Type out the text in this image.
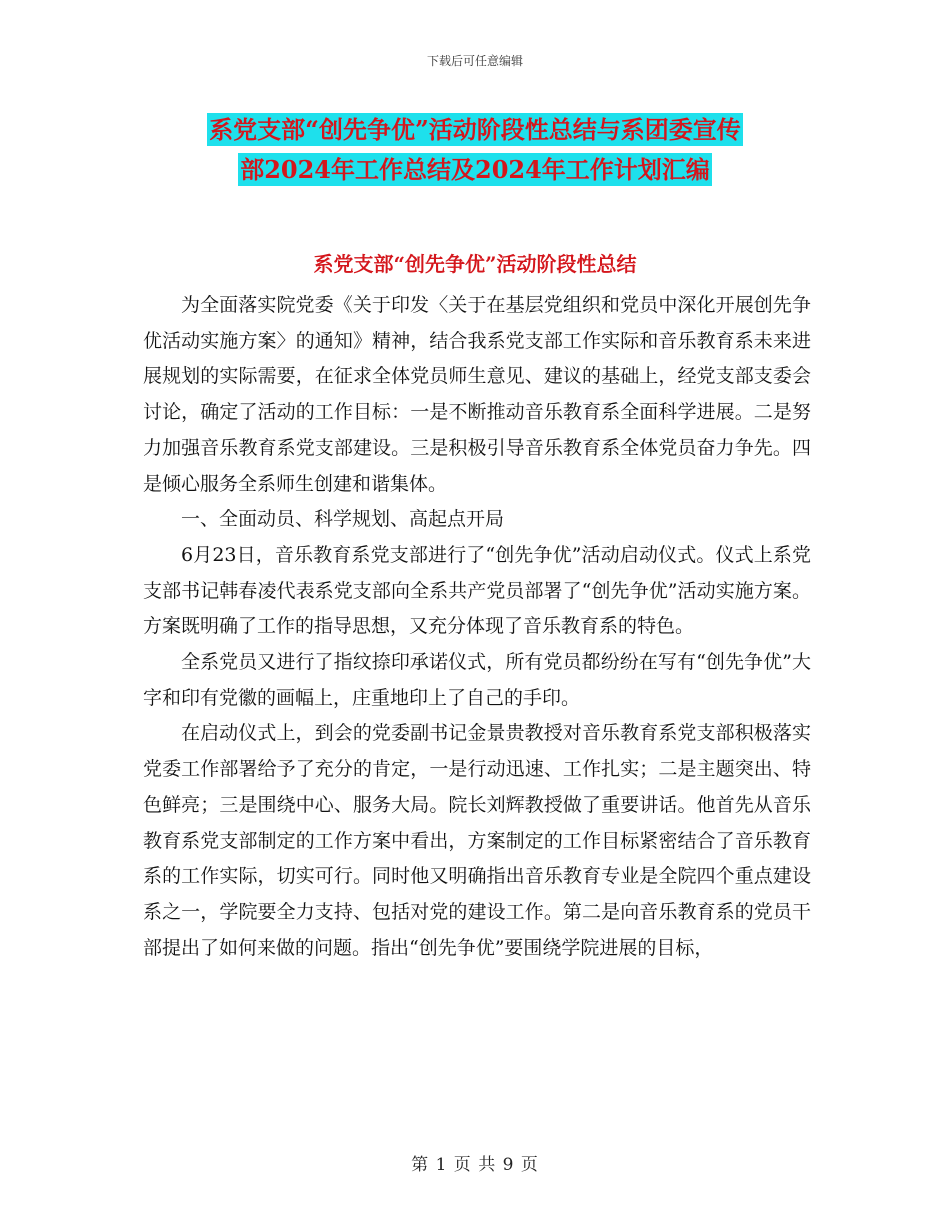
下载后可任意编辑
系党支部“创先争优”活动阶段性总结与系团委宣传
部2024年工作总结及2024年工作计划汇编
系党支部“创先争优”活动阶段性总结

为全面落实院党委《关于印发〈关于在基层党组织和党员中深化开展创先争优活动实施方案〉的通知》精神，结合我系党支部工作实际和音乐教育系未来进展规划的实际需要，在征求全体党员师生意见、建议的基础上，经党支部支委会讨论，确定了活动的工作目标：一是不断推动音乐教育系全面科学进展。二是努力加强音乐教育系党支部建设。三是积极引导音乐教育系全体党员奋力争先。四是倾心服务全系师生创建和谐集体。

一、全面动员、科学规划、高起点开局

6月23日，音乐教育系党支部进行了“创先争优”活动启动仪式。仪式上系党支部书记韩春凌代表系党支部向全系共产党员部署了“创先争优”活动实施方案。方案既明确了工作的指导思想，又充分体现了音乐教育系的特色。

全系党员又进行了指纹捺印承诺仪式，所有党员都纷纷在写有“创先争优”大字和印有党徽的画幅上，庄重地印上了自己的手印。

在启动仪式上，到会的党委副书记金景贵教授对音乐教育系党支部积极落实党委工作部署给予了充分的肯定，一是行动迅速、工作扎实；二是主题突出、特色鲜亮；三是围绕中心、服务大局。院长刘辉教授做了重要讲话。他首先从音乐教育系党支部制定的工作方案中看出，方案制定的工作目标紧密结合了音乐教育系的工作实际，切实可行。同时他又明确指出音乐教育专业是全院四个重点建设系之一，学院要全力支持、包括对党的建设工作。第二是向音乐教育系的党员干部提出了如何来做的问题。指出“创先争优”要围绕学院进展的目标，

第 1 页 共 9 页
